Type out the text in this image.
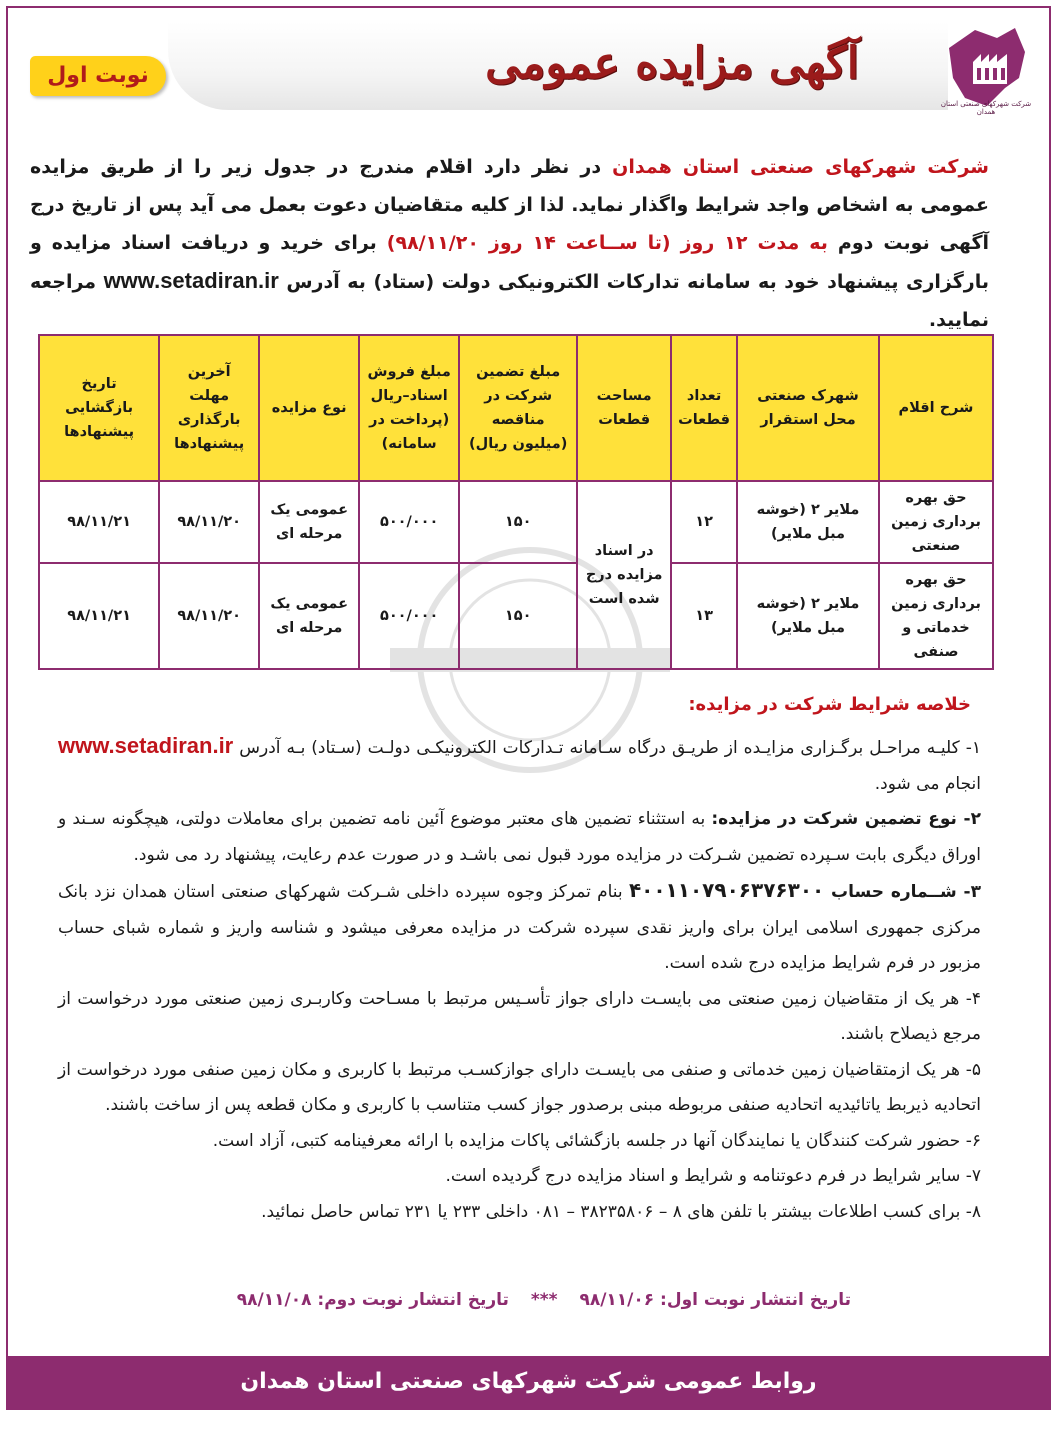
شرکت شهرکهای صنعتی استان همدان
آگهی مزایده عمومی
نوبت اول
شرکت شهرکهای صنعتی استان همدان در نظر دارد اقلام مندرج در جدول زیر را از طریق مزایده عمومی به اشخاص واجد شرایط واگذار نماید. لذا از کلیه متقاضیان دعوت بعمل می آید پس از تاریخ درج آگهی نوبت دوم به مدت ۱۲ روز (تا ســاعت ۱۴ روز ۹۸/۱۱/۲۰) برای خرید و دریافت اسناد مزایده و بارگزاری پیشنهاد خود به سامانه تدارکات الکترونیکی دولت (ستاد) به آدرس www.setadiran.ir مراجعه نمایید.
شرح اقلام	شهرک صنعتی محل استقرار	تعداد قطعات	مساحت قطعات	مبلغ تضمین شرکت در مناقصه (میلیون ریال)	مبلغ فروش اسناد–ریال (پرداخت در سامانه)	نوع مزایده	آخرین مهلت بارگذاری پیشنهادها	تاریخ بازگشایی پیشنهادها
حق بهره برداری زمین صنعتی	ملایر ۲ (خوشه مبل ملایر)	۱۲	در اسناد مزایده درج شده است	۱۵۰	۵۰۰/۰۰۰	عمومی یک مرحله ای	۹۸/۱۱/۲۰	۹۸/۱۱/۲۱
حق بهره برداری زمین خدماتی و صنفی	ملایر ۲ (خوشه مبل ملایر)	۱۳		۱۵۰	۵۰۰/۰۰۰	عمومی یک مرحله ای	۹۸/۱۱/۲۰	۹۸/۱۱/۲۱
خلاصه شرایط شرکت در مزایده:

۱- کلیـه مراحـل برگـزاری مزایـده از طریـق درگاه سـامانه تـدارکات الکترونیکـی دولـت (سـتاد) بـه آدرس www.setadiran.ir انجام می شود.

۲- نوع تضمین شرکت در مزایده: به استثناء تضمین های معتبر موضوع آئین نامه تضمین برای معاملات دولتی، هیچگونه سـند و اوراق دیگری بابت سـپرده تضمین شـرکت در مزایده مورد قبول نمی باشـد و در صورت عدم رعایت، پیشنهاد رد می شود.

۳- شــماره حساب ۴۰۰۱۱۰۷۹۰۶۳۷۶۳۰۰ بنام تمرکز وجوه سپرده داخلی شـرکت شهرکهای صنعتی استان همدان نزد بانک مرکزی جمهوری اسلامی ایران برای واریز نقدی سپرده شرکت در مزایده معرفی میشود و شناسه واریز و شماره شبای حساب مزبور در فرم شرایط مزایده درج شده است.

۴- هر یک از متقاضیان زمین صنعتی می بایسـت دارای جواز تأسـیس مرتبط با مسـاحت وکاربـری زمین صنعتی مورد درخواست از مرجع ذیصلاح باشند.

۵- هر یک ازمتقاضیان زمین خدماتی و صنفی می بایسـت دارای جوازکسـب مرتبط با کاربری و مکان زمین صنفی مورد درخواست از اتحادیه ذیربط یاتائیدیه اتحادیه صنفی مربوطه مبنی برصدور جواز کسب متناسب با کاربری و مکان قطعه پس از ساخت باشند.

۶- حضور شرکت کنندگان یا نمایندگان آنها در جلسه بازگشائی پاکات مزایده با ارائه معرفینامه کتبی، آزاد است.

۷- سایر شرایط در فرم دعوتنامه و شرایط و اسناد مزایده درج گردیده است.

۸- برای کسب اطلاعات بیشتر با تلفن های ۸ – ۳۸۲۳۵۸۰۶ – ۰۸۱ داخلی ۲۳۳ یا ۲۳۱ تماس حاصل نمائید.

تاریخ انتشار نوبت اول: ۹۸/۱۱/۰۶ *** تاریخ انتشار نوبت دوم: ۹۸/۱۱/۰۸
روابط عمومی شرکت شهرکهای صنعتی استان همدان
